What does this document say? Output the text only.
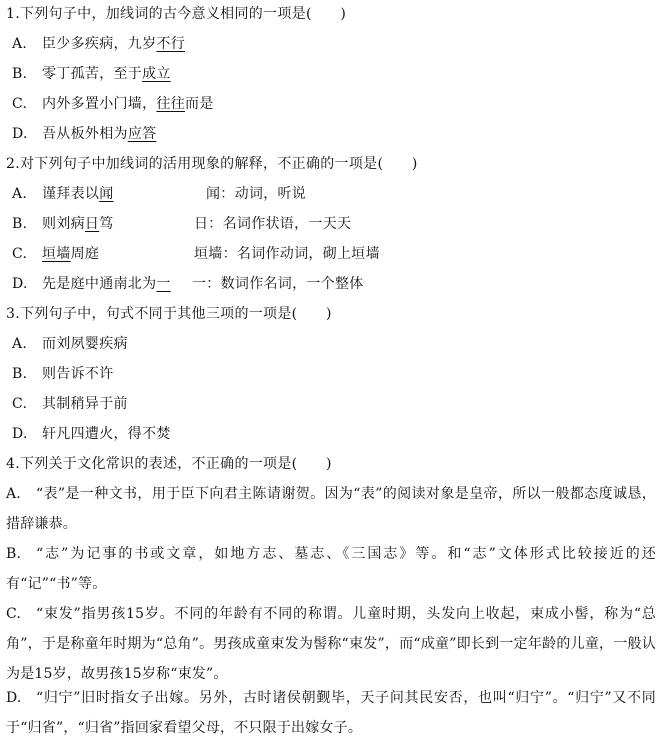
1.下列句子中，加线词的古今意义相同的一项是(　　)
A.	臣少多疾病，九岁不行
B.	零丁孤苦，至于成立
C.	内外多置小门墙，往往而是
D.	吾从板外相为应答
2.对下列句子中加线词的活用现象的解释，不正确的一项是(　　)
A.	谨拜表以闻	闻：动词，听说
B.	则刘病日笃	日：名词作状语，一天天
C.	垣墙周庭	垣墙：名词作动词，砌上垣墙
D.	先是庭中通南北为一 一：数词作名词，一个整体
3.下列句子中，句式不同于其他三项的一项是(　　)
A.	而刘夙婴疾病
B.	则告诉不许
C.	其制稍异于前
D.	轩凡四遭火，得不焚
4.下列关于文化常识的表述，不正确的一项是(　　)
A. “表”是一种文书，用于臣下向君主陈请谢贺。因为“表”的阅读对象是皇帝，所以一般都态度诚恳，措辞谦恭。
B. “志”为记事的书或文章，如地方志、墓志、《三国志》等。和“志”文体形式比较接近的还有“记”“书”等。
C. “束发”指男孩15岁。不同的年龄有不同的称谓。儿童时期，头发向上收起，束成小髻，称为“总角”，于是称童年时期为“总角”。男孩成童束发为髻称“束发”，而“成童”即长到一定年龄的儿童，一般认为是15岁，故男孩15岁称“束发”。
D. “归宁”旧时指女子出嫁。另外，古时诸侯朝觐毕，天子问其民安否，也叫“归宁”。“归宁”又不同于“归省”，“归省”指回家看望父母，不只限于出嫁女子。
